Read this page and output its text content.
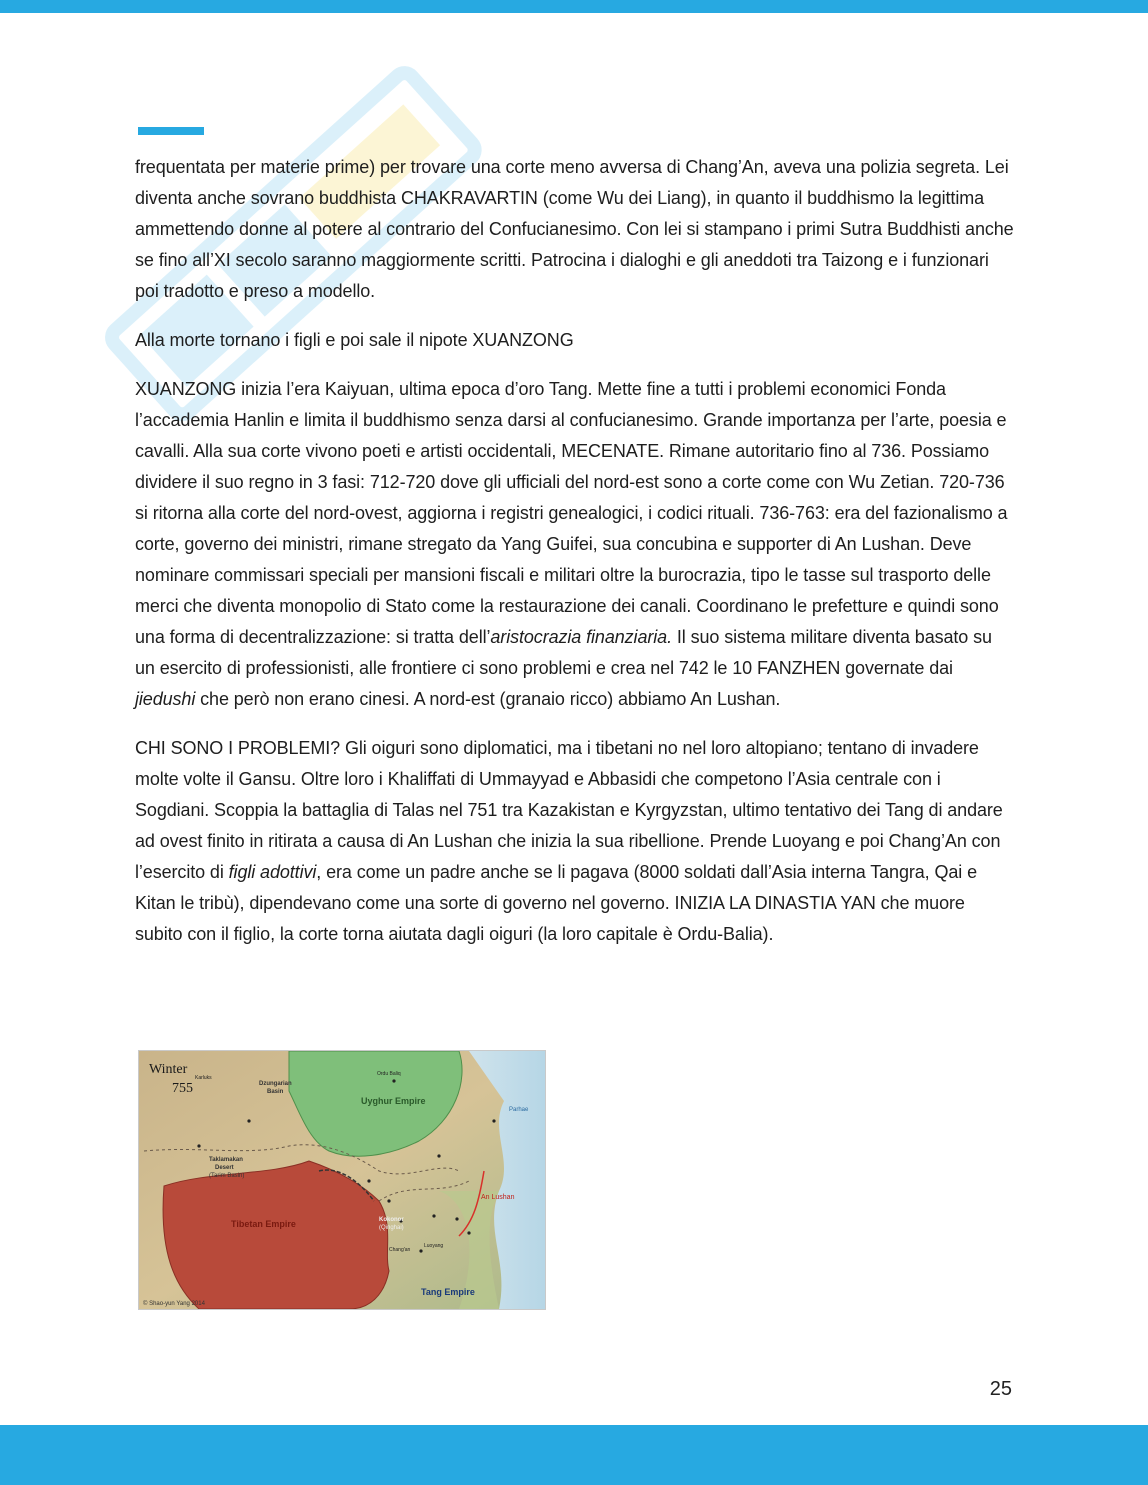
frequentata per materie prime) per trovare una corte meno avversa di Chang’An, aveva una polizia segreta. Lei diventa anche sovrano buddhista CHAKRAVARTIN (come Wu dei Liang), in quanto il buddhismo la legittima ammettendo donne al potere al contrario del Confucianesimo. Con lei si stampano i primi Sutra Buddhisti anche se fino all’XI secolo saranno maggiormente scritti. Patrocina i dialoghi e gli aneddoti tra Taizong e i funzionari poi tradotto e preso a modello.

Alla morte tornano i figli e poi sale il nipote XUANZONG

XUANZONG inizia l’era Kaiyuan, ultima epoca d’oro Tang. Mette fine a tutti i problemi economici Fonda l’accademia Hanlin e limita il buddhismo senza darsi al confucianesimo. Grande importanza per l’arte, poesia e cavalli. Alla sua corte vivono poeti e artisti occidentali, MECENATE. Rimane autoritario fino al 736. Possiamo dividere il suo regno in 3 fasi: 712-720 dove gli ufficiali del nord-est sono a corte come con Wu Zetian. 720-736 si ritorna alla corte del nord-ovest, aggiorna i registri genealogici, i codici rituali. 736-763: era del fazionalismo a corte, governo dei ministri, rimane stregato da Yang Guifei, sua concubina e supporter di An Lushan. Deve nominare commissari speciali per mansioni fiscali e militari oltre la burocrazia, tipo le tasse sul trasporto delle merci che diventa monopolio di Stato come la restaurazione dei canali. Coordinano le prefetture e quindi sono una forma di decentralizzazione: si tratta dell’aristocrazia finanziaria. Il suo sistema militare diventa basato su un esercito di professionisti, alle frontiere ci sono problemi e crea nel 742 le 10 FANZHEN governate dai jiedushi che però non erano cinesi. A nord-est (granaio ricco) abbiamo An Lushan.

CHI SONO I PROBLEMI? Gli oiguri sono diplomatici, ma i tibetani no nel loro altopiano; tentano di invadere molte volte il Gansu. Oltre loro i Khaliffati di Ummayyad e Abbasidi che competono l’Asia centrale con i Sogdiani. Scoppia la battaglia di Talas nel 751 tra Kazakistan e Kyrgyzstan, ultimo tentativo dei Tang di andare ad ovest finito in ritirata a causa di An Lushan che inizia la sua ribellione. Prende Luoyang e poi Chang’An con l’esercito di figli adottivi, era come un padre anche se li pagava (8000 soldati dall’Asia interna Tangra, Qai e Kitan le tribù), dipendevano come una sorte di governo nel governo. INIZIA LA DINASTIA YAN che muore subito con il figlio, la corte torna aiutata dagli oiguri (la loro capitale è Ordu-Balia).

Winter
755
Uyghur Empire
Tibetan Empire
Tang Empire
An Lushan
Taklamakan
Desert
(Tarim Basin)
Dzungarian
Basin
Kokonor
(Qinghai)
Ordu Baliq
Karluks
Parhae
Luoyang
Chang'an
© Shao-yun Yang 2014
25
